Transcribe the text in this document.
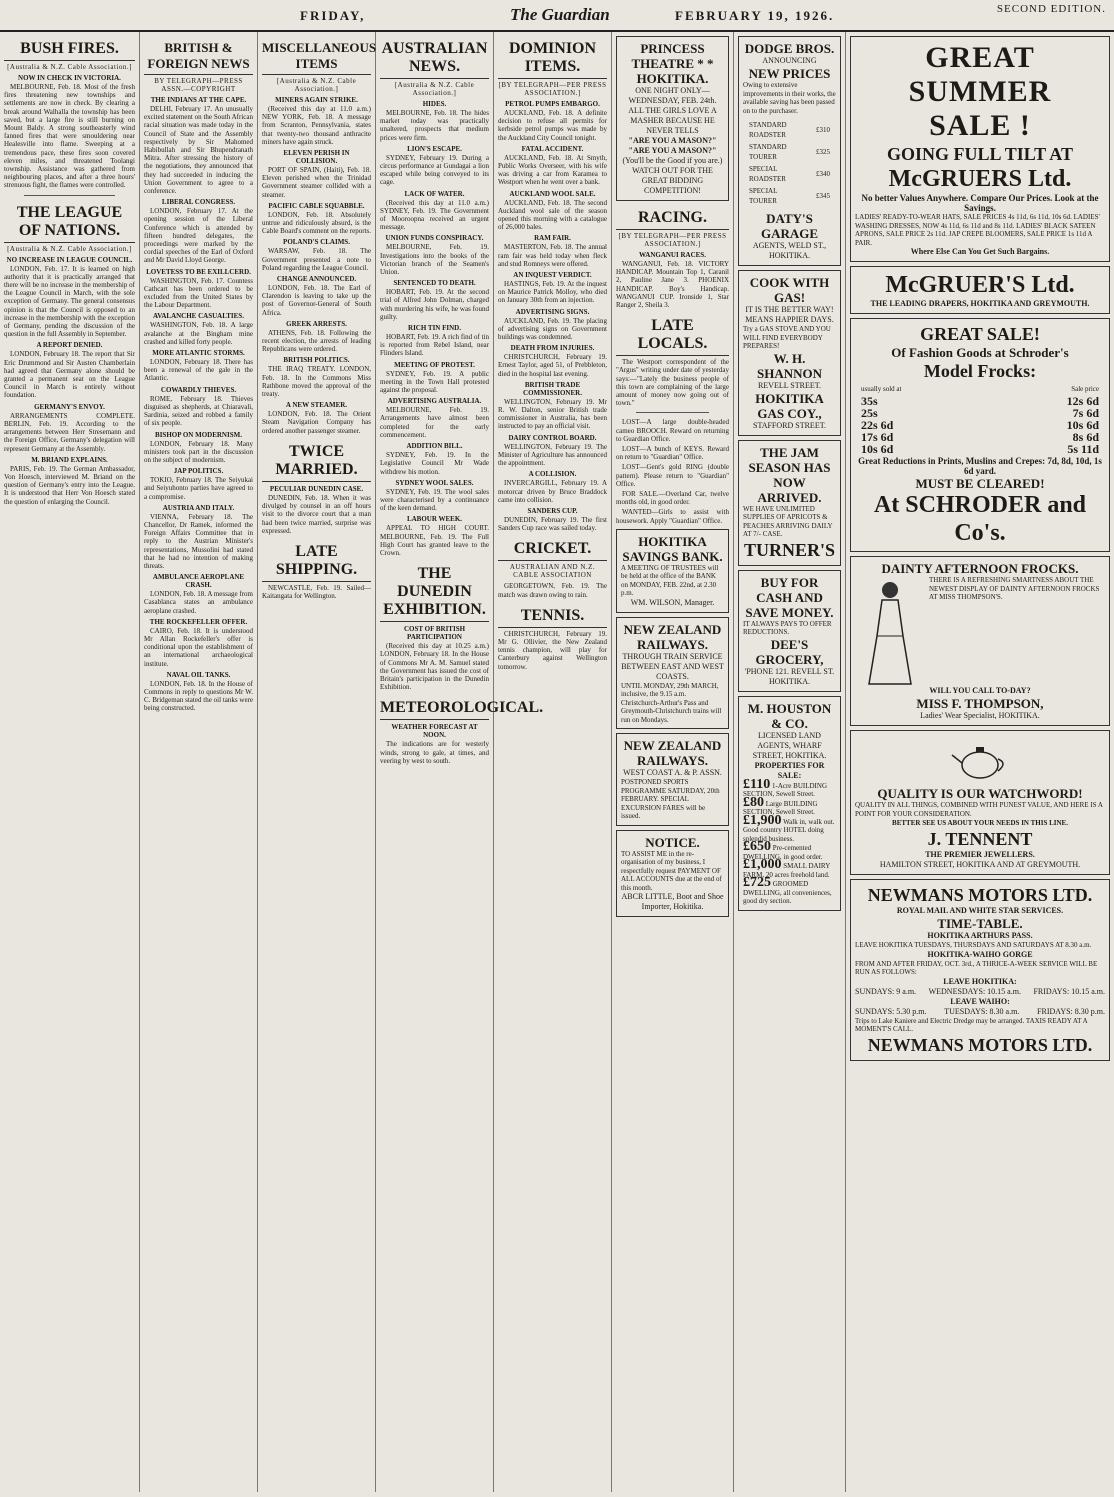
FRIDAY,	The Guardian	FEBRUARY 19, 1926.	SECOND EDITION.
BUSH FIRES.
[Australia & N.Z. Cable Association.]
NOW IN CHECK IN VICTORIA.

MELBOURNE, Feb. 18. Most of the fresh fires threatening new townships and settlements are now in check. By clearing a break around Walhalla the township has been saved, but a large fire is still burning on Mount Baldy. A strong southeasterly wind fanned fires that were smouldering near Healesville into flame. Sweeping at a tremendous pace, these fires soon covered eleven miles, and threatened Toolangi township. Assistance was gathered from neighbouring places, and after a three hours' strenuous fight, the flames were controlled.

THE LEAGUE OF NATIONS.
[Australia & N.Z. Cable Association.]
NO INCREASE IN LEAGUE COUNCIL.

LONDON, Feb. 17. It is learned on high authority that it is practically arranged that there will be no increase in the membership of the League Council in March, with the sole exception of Germany. The general consensus opinion is that the Council is opposed to an increase in the membership with the exception of Germany, pending the discussion of the question in the full Assembly in September.

A REPORT DENIED.

LONDON, February 18. The report that Sir Eric Drummond and Sir Austen Chamberlain had agreed that Germany alone should be granted a permanent seat on the League Council in March is entirely without foundation.

GERMANY'S ENVOY.

ARRANGEMENTS COMPLETE. BERLIN, Feb. 19. According to the arrangements between Herr Stresemann and the Foreign Office, Germany's delegation will represent Germany at the Assembly.

M. BRIAND EXPLAINS.

PARIS, Feb. 19. The German Ambassador, Von Hoesch, interviewed M. Briand on the question of Germany's entry into the League. It is understood that Herr Von Hoesch stated the question of enlarging the Council.

BRITISH & FOREIGN NEWS
BY TELEGRAPH—PRESS ASSN.—COPYRIGHT
THE INDIANS AT THE CAPE.

DELHI, February 17. An unusually excited statement on the South African racial situation was made today in the Council of State and the Assembly respectively by Sir Mahomed Habibullah and Sir Bhupendranath Mitra. After stressing the history of the negotiations, they announced that they had succeeded in inducing the Union Government to agree to a conference.

LIBERAL CONGRESS.

LONDON, February 17. At the opening session of the Liberal Conference which is attended by fifteen hundred delegates, the proceedings were marked by the cordial speeches of the Earl of Oxford and Mr David Lloyd George.

LOVETESS TO BE EXILLCERD.

WASHINGTON, Feb. 17. Countess Cathcart has been ordered to be excluded from the United States by the Labour Department.

AVALANCHE CASUALTIES.

WASHINGTON, Feb. 18. A large avalanche at the Bingham mine crashed and killed forty people.

MORE ATLANTIC STORMS.

LONDON, February 18. There has been a renewal of the gale in the Atlantic.

COWARDLY THIEVES.

ROME, February 18. Thieves disguised as shepherds, at Chiaravali, Sardinia, seized and robbed a family of six people.

BISHOP ON MODERNISM.

LONDON, February 18. Many ministers took part in the discussion on the subject of modernism.

JAP POLITICS.

TOKIO, February 18. The Seiyukai and Seiyuhonto parties have agreed to a compromise.

AUSTRIA AND ITALY.

VIENNA, February 18. The Chancellor, Dr Ramek, informed the Foreign Affairs Committee that in reply to the Austrian Minister's representations, Mussolini had stated that he had no intention of making threats.

AMBULANCE AEROPLANE CRASH.

LONDON, Feb. 18. A message from Casablanca states an ambulance aeroplane crashed.

THE ROCKEFELLER OFFER.

CAIRO, Feb. 18. It is understood Mr Allan Rockefeller's offer is conditional upon the establishment of an international archaeological institute.

NAVAL OIL TANKS.

LONDON, Feb. 18. In the House of Commons in reply to questions Mr W. C. Bridgeman stated the oil tanks were being constructed.

MISCELLANEOUS ITEMS
[Australia & N.Z. Cable Association.]
MINERS AGAIN STRIKE.

(Received this day at 11.0 a.m.) NEW YORK, Feb. 18. A message from Scranton, Pennsylvania, states that twenty-two thousand anthracite miners have again struck.

ELEVEN PERISH IN COLLISION.

PORT OF SPAIN, (Haiti), Feb. 18. Eleven perished when the Trinidad Government steamer collided with a steamer.

PACIFIC CABLE SQUABBLE.

LONDON, Feb. 18. Absolutely untrue and ridiculously absurd, is the Cable Board's comment on the reports.

POLAND'S CLAIMS.

WARSAW, Feb. 18. The Government presented a note to Poland regarding the League Council.

CHANGE ANNOUNCED.

LONDON, Feb. 18. The Earl of Clarendon is leaving to take up the post of Governor-General of South Africa.

GREEK ARRESTS.

ATHENS, Feb. 18. Following the recent election, the arrests of leading Republicans were ordered.

BRITISH POLITICS.

THE IRAQ TREATY. LONDON, Feb. 18. In the Commons Miss Rathbone moved the approval of the treaty.

A NEW STEAMER.

LONDON, Feb. 18. The Orient Steam Navigation Company has ordered another passenger steamer.

TWICE MARRIED.
PECULIAR DUNEDIN CASE.

DUNEDIN, Feb. 18. When it was divulged by counsel in an off hours visit to the divorce court that a man had been twice married, surprise was expressed.

LATE SHIPPING.

NEWCASTLE, Feb. 19. Sailed—Kaitangata for Wellington.

AUSTRALIAN NEWS.
[Australia & N.Z. Cable Association.]
HIDES.

MELBOURNE, Feb. 18. The hides market today was practically unaltered, prospects that medium prices were firm.

LION'S ESCAPE.

SYDNEY, February 19. During a circus performance at Gundagai a lion escaped while being conveyed to its cage.

LACK OF WATER.

(Received this day at 11.0 a.m.) SYDNEY, Feb. 19. The Government of Mooroopna received an urgent message.

UNION FUNDS CONSPIRACY.

MELBOURNE, Feb. 19. Investigations into the books of the Victorian branch of the Seamen's Union.

SENTENCED TO DEATH.

HOBART, Feb. 19. At the second trial of Alfred John Dolman, charged with murdering his wife, he was found guilty.

RICH TIN FIND.

HOBART, Feb. 19. A rich find of tin is reported from Rebel Island, near Flinders Island.

MEETING OF PROTEST.

SYDNEY, Feb. 19. A public meeting in the Town Hall protested against the proposal.

ADVERTISING AUSTRALIA.

MELBOURNE, Feb. 19. Arrangements have almost been completed for the early commencement.

ADDITION BILL.

SYDNEY, Feb. 19. In the Legislative Council Mr Wade withdrew his motion.

SYDNEY WOOL SALES.

SYDNEY, Feb. 19. The wool sales were characterised by a continuance of the keen demand.

LABOUR WEEK.

APPEAL TO HIGH COURT. MELBOURNE, Feb. 19. The Full High Court has granted leave to the Crown.

THE DUNEDIN EXHIBITION.
COST OF BRITISH PARTICIPATION

(Received this day at 10.25 a.m.) LONDON, February 18. In the House of Commons Mr A. M. Samuel stated the Government has issued the cost of Britain's participation in the Dunedin Exhibition.

METEOROLOGICAL.
WEATHER FORECAST AT NOON.

The indications are for westerly winds, strong to gale, at times, and veering by west to south.

DOMINION ITEMS.
[BY TELEGRAPH—PER PRESS ASSOCIATION.]
PETROL PUMPS EMBARGO.

AUCKLAND, Feb. 18. A definite decision to refuse all permits for kerbside petrol pumps was made by the Auckland City Council tonight.

FATAL ACCIDENT.

AUCKLAND, Feb. 18. At Smyth, Public Works Overseer, with his wife was driving a car from Karamea to Westport when he went over a bank.

AUCKLAND WOOL SALE.

AUCKLAND, Feb. 18. The second Auckland wool sale of the season opened this morning with a catalogue of 26,000 bales.

RAM FAIR.

MASTERTON, Feb. 18. The annual ram fair was held today when fleck and stud Romneys were offered.

AN INQUEST VERDICT.

HASTINGS, Feb. 19. At the inquest on Maurice Patrick Molloy, who died on January 30th from an injection.

ADVERTISING SIGNS.

AUCKLAND, Feb. 19. The placing of advertising signs on Government buildings was condemned.

DEATH FROM INJURIES.

CHRISTCHURCH, February 19. Ernest Taylor, aged 51, of Prebbleton, died in the hospital last evening.

BRITISH TRADE COMMISSIONER.

WELLINGTON, February 19. Mr R. W. Dalton, senior British trade commissioner in Australia, has been instructed to pay an official visit.

DAIRY CONTROL BOARD.

WELLINGTON, February 19. The Minister of Agriculture has announced the appointment.

A COLLISION.

INVERCARGILL, February 19. A motorcar driven by Bruce Braddock came into collision.

SANDERS CUP.

DUNEDIN, February 19. The first Sanders Cup race was sailed today.

CRICKET.
AUSTRALIAN AND N.Z. CABLE ASSOCIATION

GEORGETOWN, Feb. 19. The match was drawn owing to rain.

TENNIS.

CHRISTCHURCH, February 19. Mr G. Ollivier, the New Zealand tennis champion, will play for Canterbury against Wellington tomorrow.

PRINCESS THEATRE * * HOKITIKA.
ONE NIGHT ONLY—WEDNESDAY, FEB. 24th.
ALL THE GIRLS LOVE A MASHER BECAUSE HE NEVER TELLS
"ARE YOU A MASON?" "ARE YOU A MASON?"
(You'll be the Good if you are.)
WATCH OUT FOR THE GREAT BIDDING COMPETITION!
RACING.
[BY TELEGRAPH—PER PRESS ASSOCIATION.]
WANGANUI RACES.

WANGANUI, Feb. 18. VICTORY HANDICAP. Mountain Top 1, Caranil 2, Pauline Jane 3. PHOENIX HANDICAP. Boy's Handicap. WANGANUI CUP. Ironside 1, Star Ranger 2, Sheila 3.

LATE LOCALS.

The Westport correspondent of the "Argus" writing under date of yesterday says:—"Lately the business people of this town are complaining of the large amount of money now going out of town."

LOST—A large double-headed cameo BROOCH. Reward on returning to Guardian Office.

LOST—A bunch of KEYS. Reward on return to "Guardian" Office.

LOST—Gent's gold RING (double pattern). Please return to "Guardian" Office.

FOR SALE.—Overland Car, twelve months old, in good order.

WANTED—Girls to assist with housework. Apply "Guardian" Office.

HOKITIKA SAVINGS BANK.
A MEETING OF TRUSTEES will be held at the office of the BANK on MONDAY, FEB. 22nd, at 2.30 p.m.
WM. WILSON, Manager.
NEW ZEALAND RAILWAYS.
THROUGH TRAIN SERVICE BETWEEN EAST AND WEST COASTS.
UNTIL MONDAY, 29th MARCH, inclusive, the 9.15 a.m. Christchurch-Arthur's Pass and Greymouth-Christchurch trains will run on Mondays.
NEW ZEALAND RAILWAYS.
WEST COAST A. & P. ASSN.
POSTPONED SPORTS PROGRAMME SATURDAY, 20th FEBRUARY. SPECIAL EXCURSION FARES will be issued.
NOTICE.
TO ASSIST ME in the re-organisation of my business, I respectfully request PAYMENT OF ALL ACCOUNTS due at the end of this month.
ABCR LITTLE, Boot and Shoe Importer, Hokitika.
DODGE BROS.
ANNOUNCING
NEW PRICES
Owing to extensive improvements in their works, the available saving has been passed on to the purchaser.
STANDARD ROADSTER	£310
STANDARD TOURER	£325
SPECIAL ROADSTER	£340
SPECIAL TOURER	£345
DATY'S GARAGE
AGENTS, WELD ST., HOKITIKA.
COOK WITH GAS!
IT IS THE BETTER WAY!
MEANS HAPPIER DAYS.
Try a GAS STOVE AND YOU WILL FIND EVERYBODY PREPARES!
W. H. SHANNON
REVELL STREET.
HOKITIKA GAS COY.,
STAFFORD STREET.
THE JAM SEASON HAS NOW ARRIVED.
WE HAVE UNLIMITED SUPPLIES OF APRICOTS & PEACHES ARRIVING DAILY AT 7/- CASE.
TURNER'S
BUY FOR CASH AND SAVE MONEY.
IT ALWAYS PAYS TO OFFER REDUCTIONS.
DEE'S GROCERY,
'PHONE 121. REVELL ST. HOKITIKA.
M. HOUSTON & CO.
LICENSED LAND AGENTS, WHARF STREET, HOKITIKA.
PROPERTIES FOR SALE:
£110 1-Acre BUILDING SECTION, Sewell Street.
£80 Large BUILDING SECTION, Sewell Street.
£1,900 Walk in, walk out. Good country HOTEL doing splendid business.
£650 Pre-cemented DWELLING, in good order.
£1,000 SMALL DAIRY FARM, 20 acres freehold land.
£725 GROOMED DWELLING, all conveniences, good dry section.
GREAT
SUMMER
SALE !
GOING FULL TILT AT
McGRUERS Ltd.
No better Values Anywhere. Compare Our Prices. Look at the Savings.
LADIES' READY-TO-WEAR HATS, SALE PRICES 4s 11d, 6s 11d, 10s 6d. LADIES' WASHING DRESSES, NOW 4s 11d, 6s 11d and 8s 11d. LADIES' BLACK SATEEN APRONS, SALE PRICE 2s 11d. JAP CREPE BLOOMERS, SALE PRICE 1s 11d A PAIR.
Where Else Can You Get Such Bargains.
McGRUER'S Ltd.
THE LEADING DRAPERS, HOKITIKA AND GREYMOUTH.
GREAT SALE!
Of Fashion Goods at Schroder's
Model Frocks:
usually sold at	Sale price
35s	12s 6d
25s	7s 6d
22s 6d	10s 6d
17s 6d	8s 6d
10s 6d	5s 11d
Great Reductions in Prints, Muslins and Crepes: 7d, 8d, 10d, 1s 6d yard.
MUST BE CLEARED!
At SCHRODER and Co's.
DAINTY AFTERNOON FROCKS.
THERE IS A REFRESHING SMARTNESS ABOUT THE NEWEST DISPLAY OF DAINTY AFTERNOON FROCKS AT MISS THOMPSON'S.
WILL YOU CALL TO-DAY?
MISS F. THOMPSON,
Ladies' Wear Specialist, HOKITIKA.
QUALITY IS OUR WATCHWORD!
QUALITY IN ALL THINGS, COMBINED WITH PUNEST VALUE, AND HERE IS A POINT FOR YOUR CONSIDERATION.
BETTER SEE US ABOUT YOUR NEEDS IN THIS LINE.
J. TENNENT
THE PREMIER JEWELLERS.
HAMILTON STREET, HOKITIKA AND AT GREYMOUTH.
NEWMANS MOTORS LTD.
ROYAL MAIL AND WHITE STAR SERVICES.
TIME-TABLE.
HOKITIKA ARTHURS PASS.
LEAVE HOKITIKA TUESDAYS, THURSDAYS AND SATURDAYS AT 8.30 a.m.
HOKITIKA-WAIHO GORGE
FROM AND AFTER FRIDAY, OCT. 3rd., A THRICE-A-WEEK SERVICE WILL BE RUN AS FOLLOWS:
LEAVE HOKITIKA:
SUNDAYS: 9 a.m. WEDNESDAYS: 10.15 a.m. FRIDAYS: 10.15 a.m.
LEAVE WAIHO:
SUNDAYS: 5.30 p.m. TUESDAYS: 8.30 a.m. FRIDAYS: 8.30 p.m.
Trips to Lake Kaniere and Electric Dredge may be arranged. TAXIS READY AT A MOMENT'S CALL.
NEWMANS MOTORS LTD.
